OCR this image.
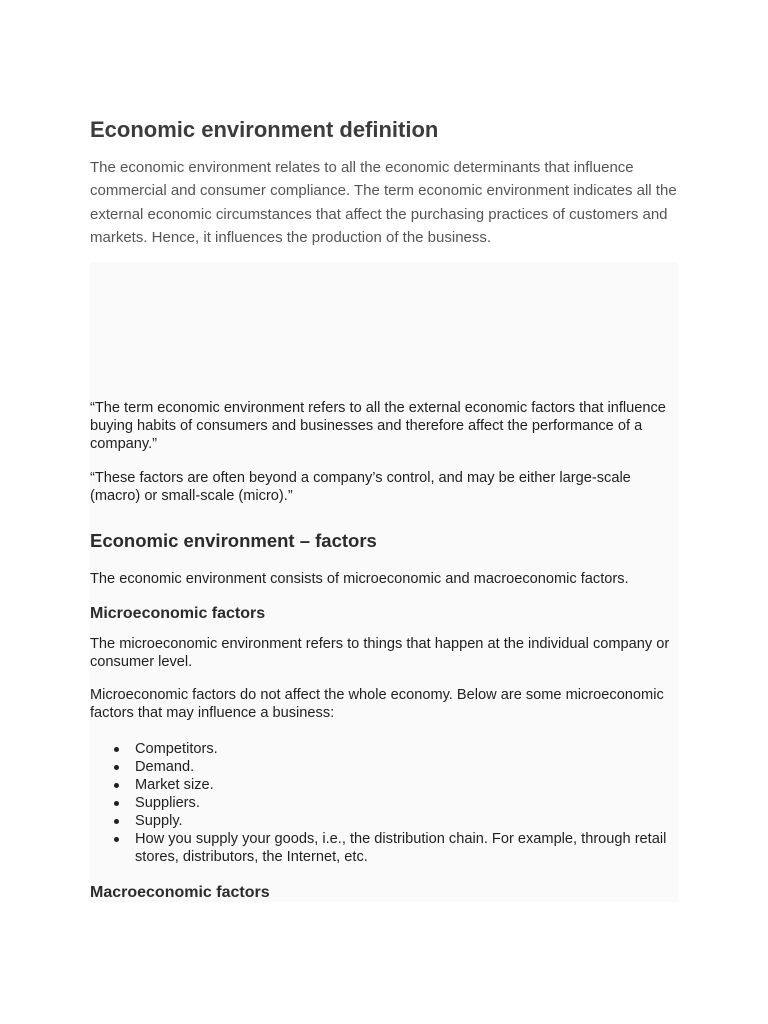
Economic environment definition

The economic environment relates to all the economic determinants that influence commercial and consumer compliance. The term economic environment indicates all the external economic circumstances that affect the purchasing practices of customers and markets. Hence, it influences the production of the business.

“The term economic environment refers to all the external economic factors that influence buying habits of consumers and businesses and therefore affect the performance of a company.”

“These factors are often beyond a company’s control, and may be either large-scale (macro) or small-scale (micro).”

Economic environment – factors

The economic environment consists of microeconomic and macroeconomic factors.

Microeconomic factors

The microeconomic environment refers to things that happen at the individual company or consumer level.

Microeconomic factors do not affect the whole economy. Below are some microeconomic factors that may influence a business:

Competitors.
Demand.
Market size.
Suppliers.
Supply.
How you supply your goods, i.e., the distribution chain. For example, through retail stores, distributors, the Internet, etc.
Macroeconomic factors
